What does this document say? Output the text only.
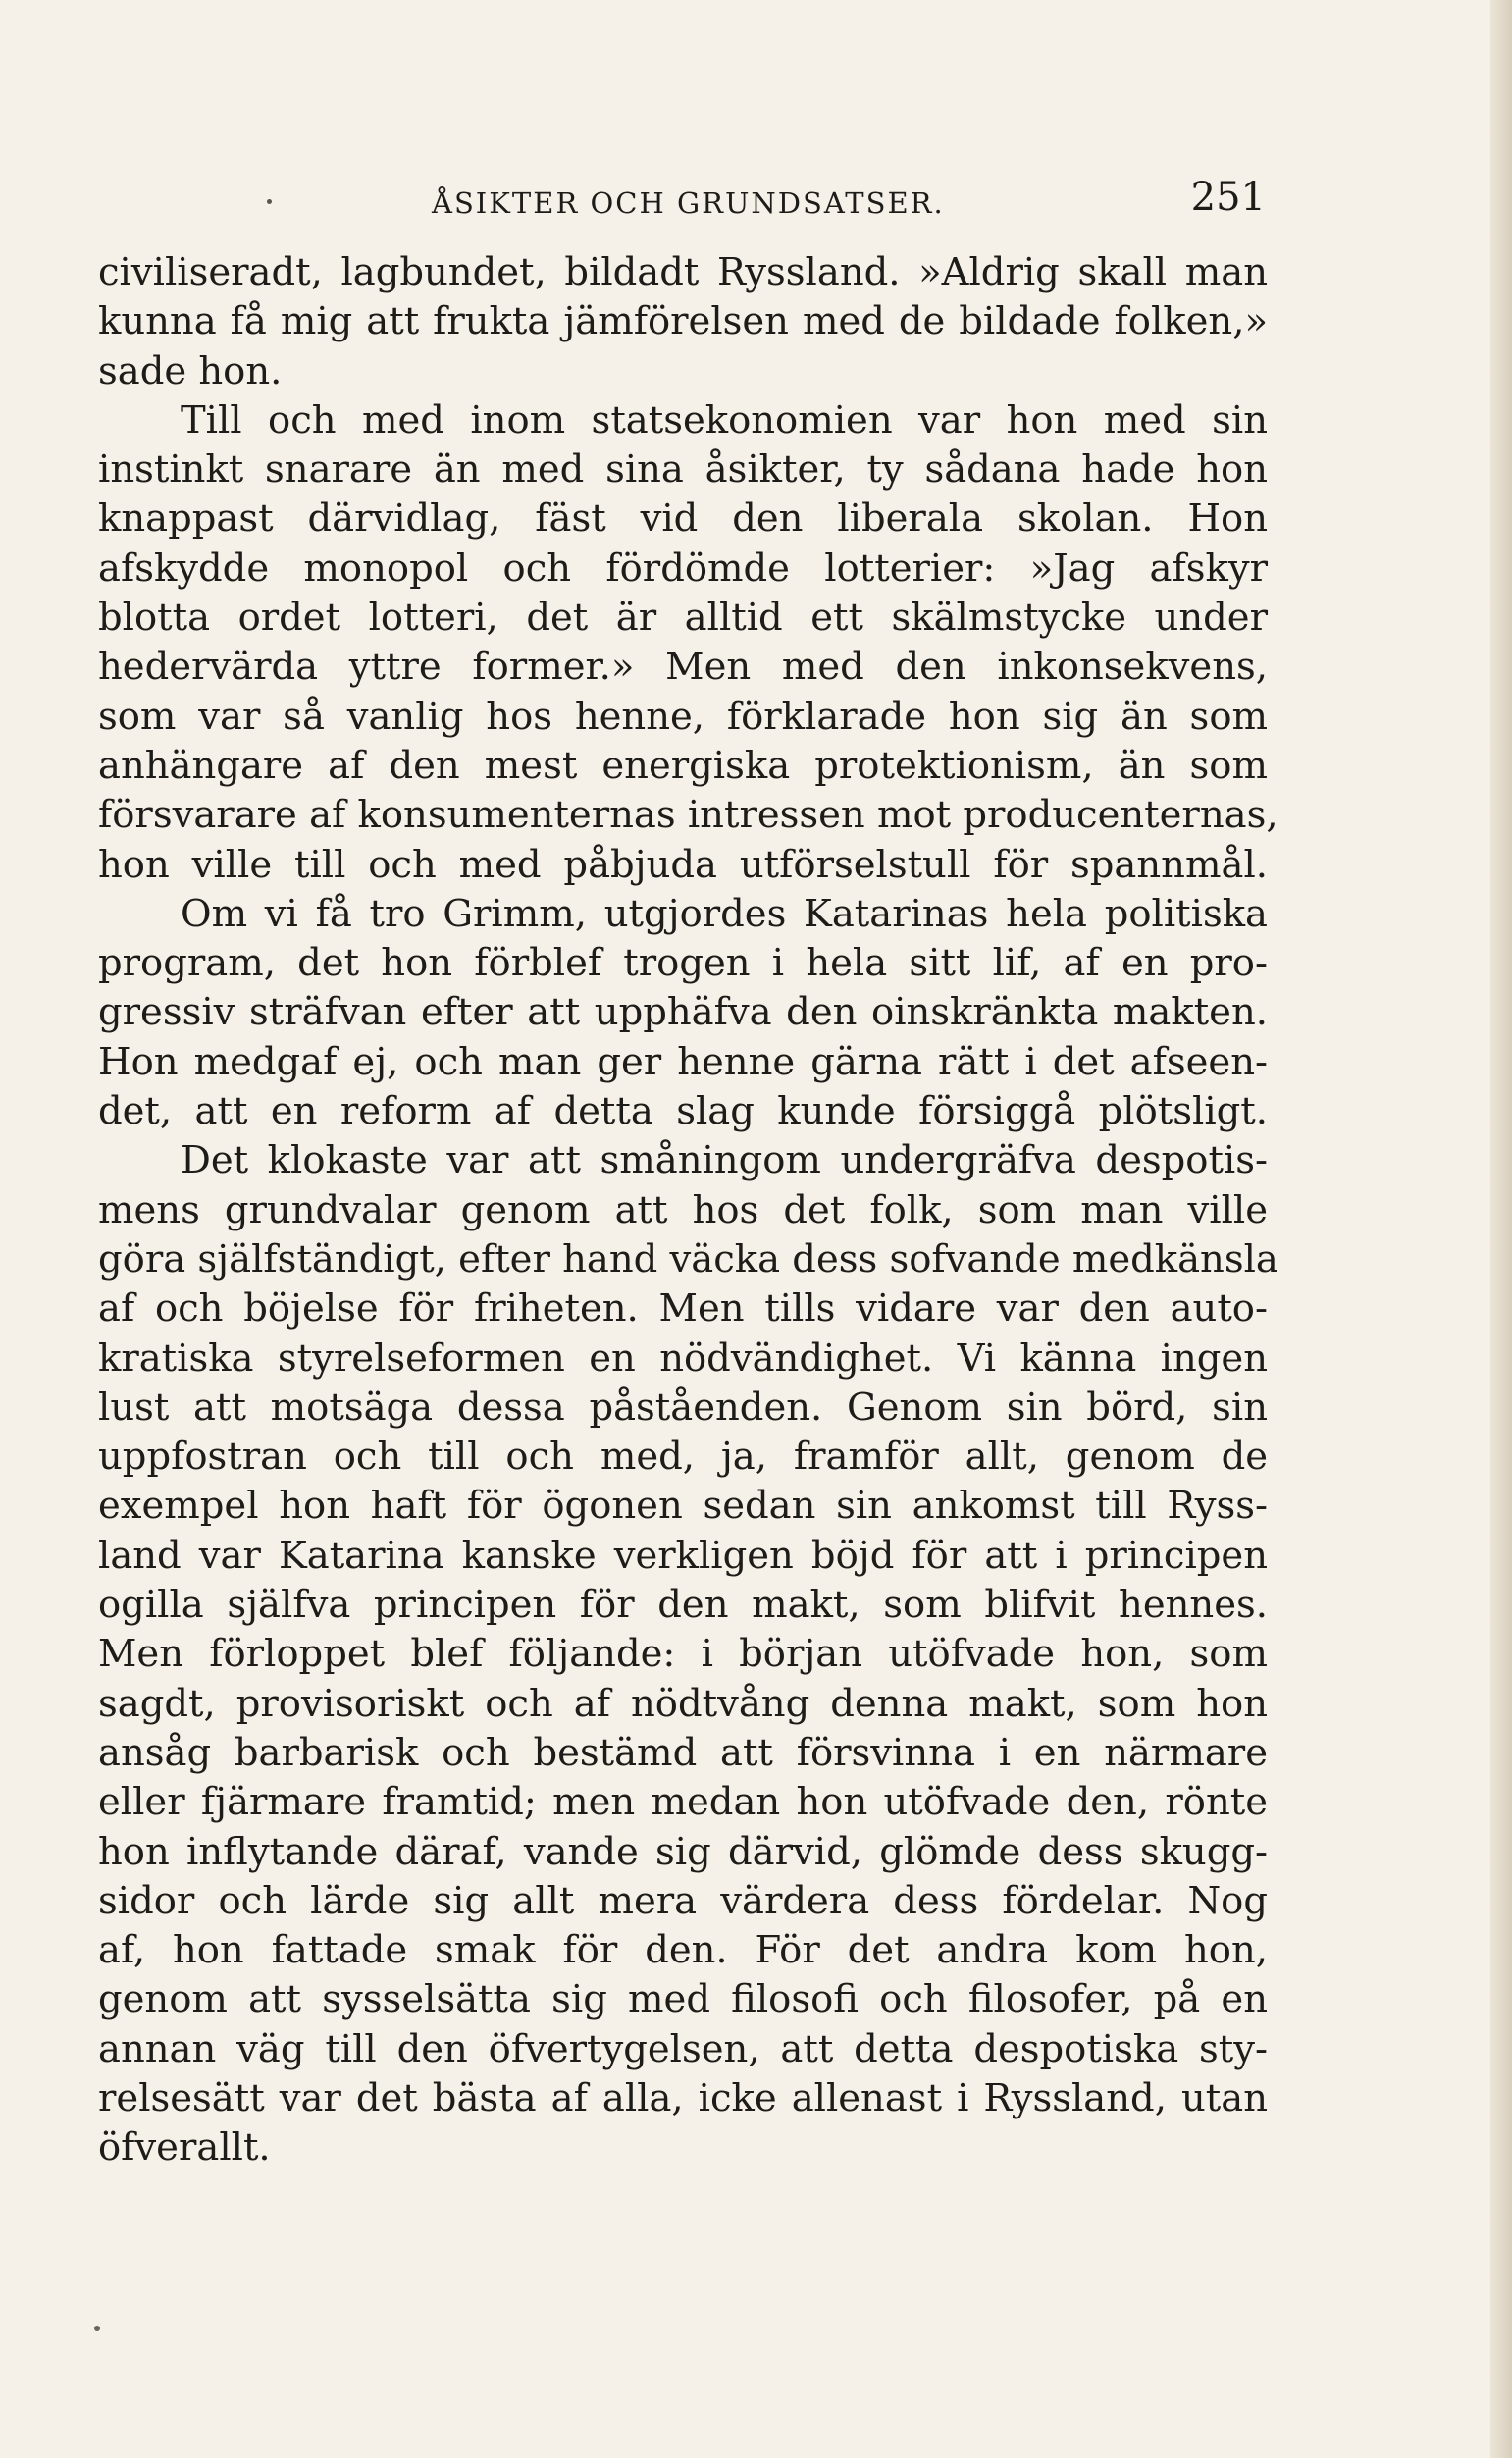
ÅSIKTER OCH GRUNDSATSER.	251
civiliseradt, lagbundet, bildadt Ryssland. »Aldrig skall man
kunna få mig att frukta jämförelsen med de bildade folken,»
sade hon.
Till och med inom statsekonomien var hon med sin
instinkt snarare än med sina åsikter, ty sådana hade hon
knappast därvidlag, fäst vid den liberala skolan. Hon
afskydde monopol och fördömde lotterier: »Jag afskyr
blotta ordet lotteri, det är alltid ett skälmstycke under
hedervärda yttre former.» Men med den inkonsekvens,
som var så vanlig hos henne, förklarade hon sig än som
anhängare af den mest energiska protektionism, än som
försvarare af konsumenternas intressen mot producenternas,
hon ville till och med påbjuda utförselstull för spannmål.
Om vi få tro Grimm, utgjordes Katarinas hela politiska
program, det hon förblef trogen i hela sitt lif, af en pro-
gressiv sträfvan efter att upphäfva den oinskränkta makten.
Hon medgaf ej, och man ger henne gärna rätt i det afseen-
det, att en reform af detta slag kunde försiggå plötsligt.
Det klokaste var att småningom undergräfva despotis-
mens grundvalar genom att hos det folk, som man ville
göra själfständigt, efter hand väcka dess sofvande medkänsla
af och böjelse för friheten. Men tills vidare var den auto-
kratiska styrelseformen en nödvändighet. Vi känna ingen
lust att motsäga dessa påståenden. Genom sin börd, sin
uppfostran och till och med, ja, framför allt, genom de
exempel hon haft för ögonen sedan sin ankomst till Ryss-
land var Katarina kanske verkligen böjd för att i principen
ogilla själfva principen för den makt, som blifvit hennes.
Men förloppet blef följande: i början utöfvade hon, som
sagdt, provisoriskt och af nödtvång denna makt, som hon
ansåg barbarisk och bestämd att försvinna i en närmare
eller fjärmare framtid; men medan hon utöfvade den, rönte
hon inflytande däraf, vande sig därvid, glömde dess skugg-
sidor och lärde sig allt mera värdera dess fördelar. Nog
af, hon fattade smak för den. För det andra kom hon,
genom att sysselsätta sig med filosofi och filosofer, på en
annan väg till den öfvertygelsen, att detta despotiska sty-
relsesätt var det bästa af alla, icke allenast i Ryssland, utan
öfverallt.
